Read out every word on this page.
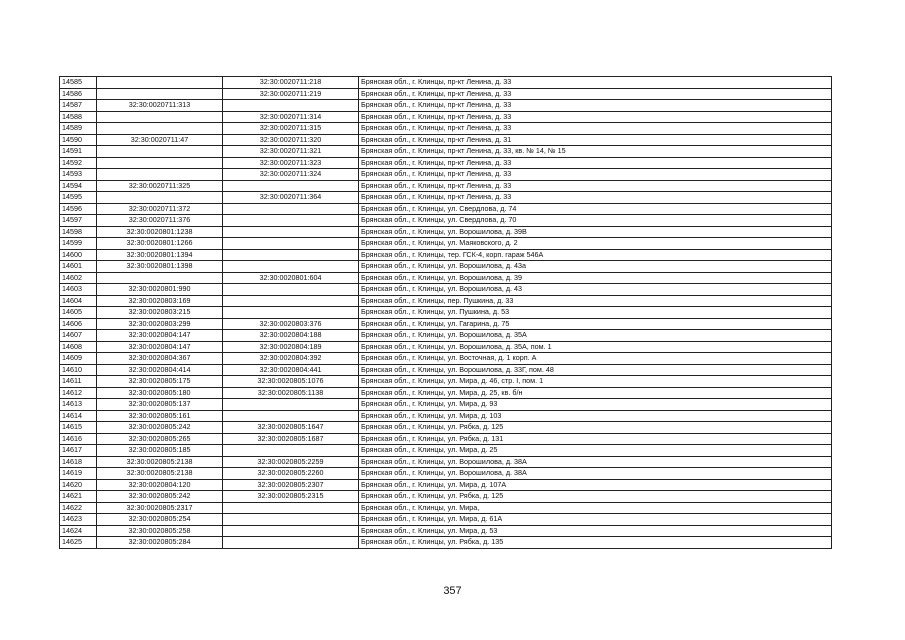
14585		32:30:0020711:218	Брянская обл., г. Клинцы, пр-кт Ленина, д. 33
14586		32:30:0020711:219	Брянская обл., г. Клинцы, пр-кт Ленина, д. 33
14587	32:30:0020711:313		Брянская обл., г. Клинцы, пр-кт Ленина, д. 33
14588		32:30:0020711:314	Брянская обл., г. Клинцы, пр-кт Ленина, д. 33
14589		32:30:0020711:315	Брянская обл., г. Клинцы, пр-кт Ленина, д. 33
14590	32:30:0020711:47	32:30:0020711:320	Брянская обл., г. Клинцы, пр-кт Ленина, д. 31
14591		32:30:0020711:321	Брянская обл., г. Клинцы, пр-кт Ленина, д. 33, кв. № 14, № 15
14592		32:30:0020711:323	Брянская обл., г. Клинцы, пр-кт Ленина, д. 33
14593		32:30:0020711:324	Брянская обл., г. Клинцы, пр-кт Ленина, д. 33
14594	32:30:0020711:325		Брянская обл., г. Клинцы, пр-кт Ленина, д. 33
14595		32:30:0020711:364	Брянская обл., г. Клинцы, пр-кт Ленина, д. 33
14596	32:30:0020711:372		Брянская обл., г. Клинцы, ул. Свердлова, д. 74
14597	32:30:0020711:376		Брянская обл., г. Клинцы, ул. Свердлова, д. 70
14598	32:30:0020801:1238		Брянская обл., г. Клинцы, ул. Ворошилова, д. 39В
14599	32:30:0020801:1266		Брянская обл., г. Клинцы, ул. Маяковского, д. 2
14600	32:30:0020801:1394		Брянская обл., г. Клинцы, тер. ГСК-4, корп. гараж 546А
14601	32:30:0020801:1398		Брянская обл., г. Клинцы, ул. Ворошилова, д. 43а
14602		32:30:0020801:604	Брянская обл., г. Клинцы, ул. Ворошилова, д. 39
14603	32:30:0020801:990		Брянская обл., г. Клинцы, ул. Ворошилова, д. 43
14604	32:30:0020803:169		Брянская обл., г. Клинцы, пер. Пушкина, д. 33
14605	32:30:0020803:215		Брянская обл., г. Клинцы, ул. Пушкина, д. 53
14606	32:30:0020803:299	32:30:0020803:376	Брянская обл., г. Клинцы, ул. Гагарина, д. 75
14607	32:30:0020804:147	32:30:0020804:188	Брянская обл., г. Клинцы, ул. Ворошилова, д. 35А
14608	32:30:0020804:147	32:30:0020804:189	Брянская обл., г. Клинцы, ул. Ворошилова, д. 35А, пом. 1
14609	32:30:0020804:367	32:30:0020804:392	Брянская обл., г. Клинцы, ул. Восточная, д. 1 корп. А
14610	32:30:0020804:414	32:30:0020804:441	Брянская обл., г. Клинцы, ул. Ворошилова, д. 33Г, пом. 48
14611	32:30:0020805:175	32:30:0020805:1076	Брянская обл., г. Клинцы, ул. Мира, д. 46, стр. I, пом. 1
14612	32:30:0020805:180	32:30:0020805:1138	Брянская обл., г. Клинцы, ул. Мира, д. 25, кв. б/н
14613	32:30:0020805:137		Брянская обл., г. Клинцы, ул. Мира, д. 93
14614	32:30:0020805:161		Брянская обл., г. Клинцы, ул. Мира, д. 103
14615	32:30:0020805:242	32:30:0020805:1647	Брянская обл., г. Клинцы, ул. Рябка, д. 125
14616	32:30:0020805:265	32:30:0020805:1687	Брянская обл., г. Клинцы, ул. Рябка, д. 131
14617	32:30:0020805:185		Брянская обл., г. Клинцы, ул. Мира, д. 25
14618	32:30:0020805:2138	32:30:0020805:2259	Брянская обл., г. Клинцы, ул. Ворошилова, д. 38А
14619	32:30:0020805:2138	32:30:0020805:2260	Брянская обл., г. Клинцы, ул. Ворошилова, д. 38А
14620	32:30:0020804:120	32:30:0020805:2307	Брянская обл., г. Клинцы, ул. Мира, д. 107А
14621	32:30:0020805:242	32:30:0020805:2315	Брянская обл., г. Клинцы, ул. Рябка, д. 125
14622	32:30:0020805:2317		Брянская обл., г. Клинцы, ул. Мира,
14623	32:30:0020805:254		Брянская обл., г. Клинцы, ул. Мира, д. 61А
14624	32:30:0020805:258		Брянская обл., г. Клинцы, ул. Мира, д. 53
14625	32:30:0020805:284		Брянская обл., г. Клинцы, ул. Рябка, д. 135
357
